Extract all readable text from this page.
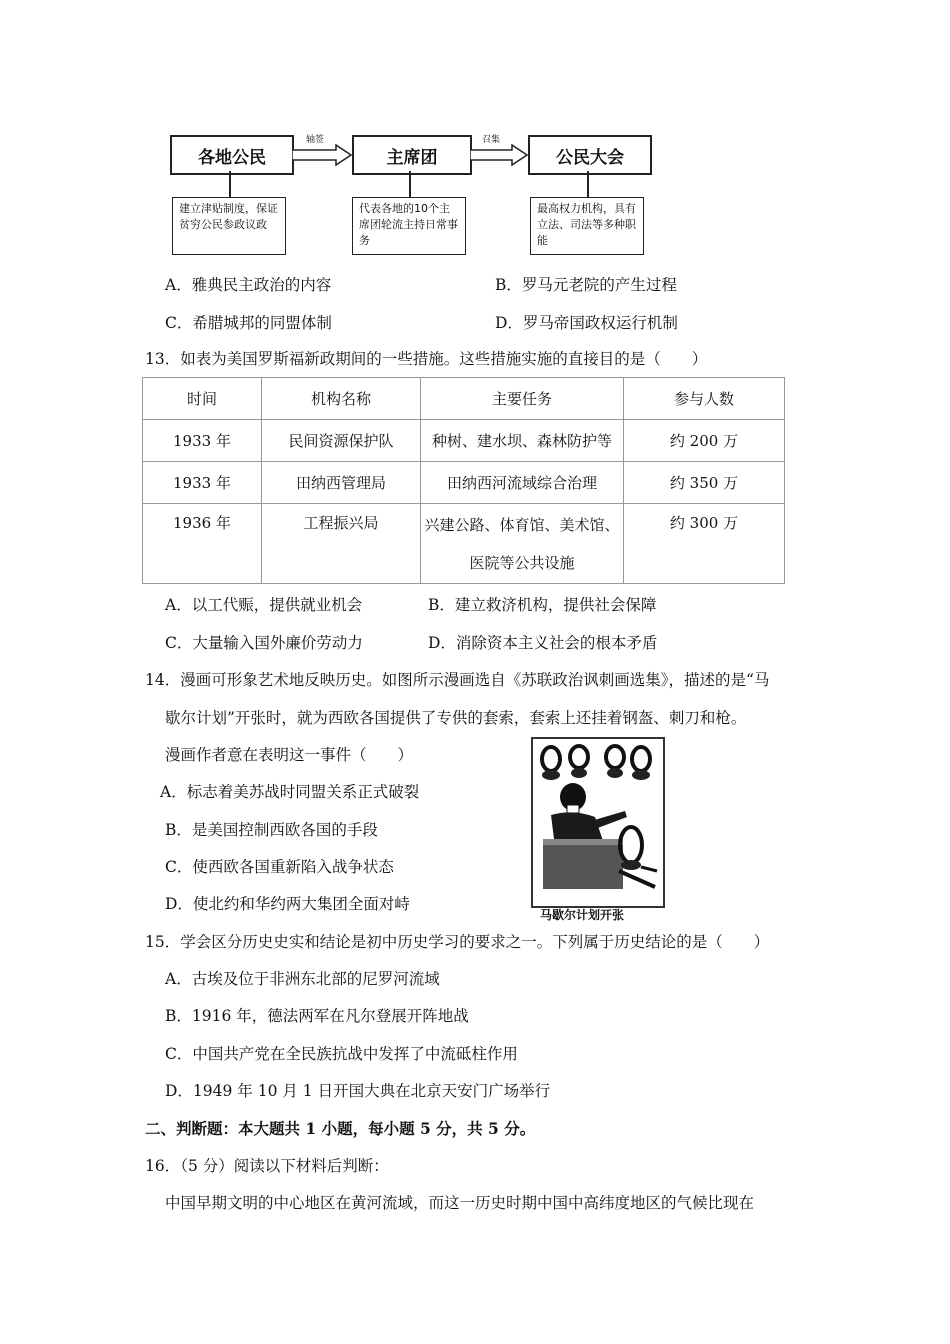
各地公民	主席团	公民大会
轴签	召集
建立津贴制度，保证贫穷公民参政议政
代表各地的10个主席团轮流主持日常事务
最高权力机构，具有立法、司法等多种职能
A．雅典民主政治的内容	B．罗马元老院的产生过程
C．希腊城邦的同盟体制	D．罗马帝国政权运行机制
13．如表为美国罗斯福新政期间的一些措施。这些措施实施的直接目的是（　　）
时间	机构名称	主要任务	参与人数
1933 年	民间资源保护队	种树、建水坝、森林防护等	约 200 万
1933 年	田纳西管理局	田纳西河流域综合治理	约 350 万
1936 年	工程振兴局	兴建公路、体育馆、美术馆、医院等公共设施	约 300 万
A．以工代赈，提供就业机会	B．建立救济机构，提供社会保障
C．大量输入国外廉价劳动力	D．消除资本主义社会的根本矛盾
14．漫画可形象艺术地反映历史。如图所示漫画选自《苏联政治讽刺画选集》，描述的是“马
歇尔计划”开张时，就为西欧各国提供了专供的套索，套索上还挂着钢盔、刺刀和枪。
漫画作者意在表明这一事件（　　）
A．标志着美苏战时同盟关系正式破裂
B．是美国控制西欧各国的手段
C．使西欧各国重新陷入战争状态
D．使北约和华约两大集团全面对峙
马歇尔计划开张
15．学会区分历史史实和结论是初中历史学习的要求之一。下列属于历史结论的是（　　）
A．古埃及位于非洲东北部的尼罗河流域
B．1916 年，德法两军在凡尔登展开阵地战
C．中国共产党在全民族抗战中发挥了中流砥柱作用
D．1949 年 10 月 1 日开国大典在北京天安门广场举行
二、判断题：本大题共 1 小题，每小题 5 分，共 5 分。
16．（5 分）阅读以下材料后判断：
中国早期文明的中心地区在黄河流域，而这一历史时期中国中高纬度地区的气候比现在
